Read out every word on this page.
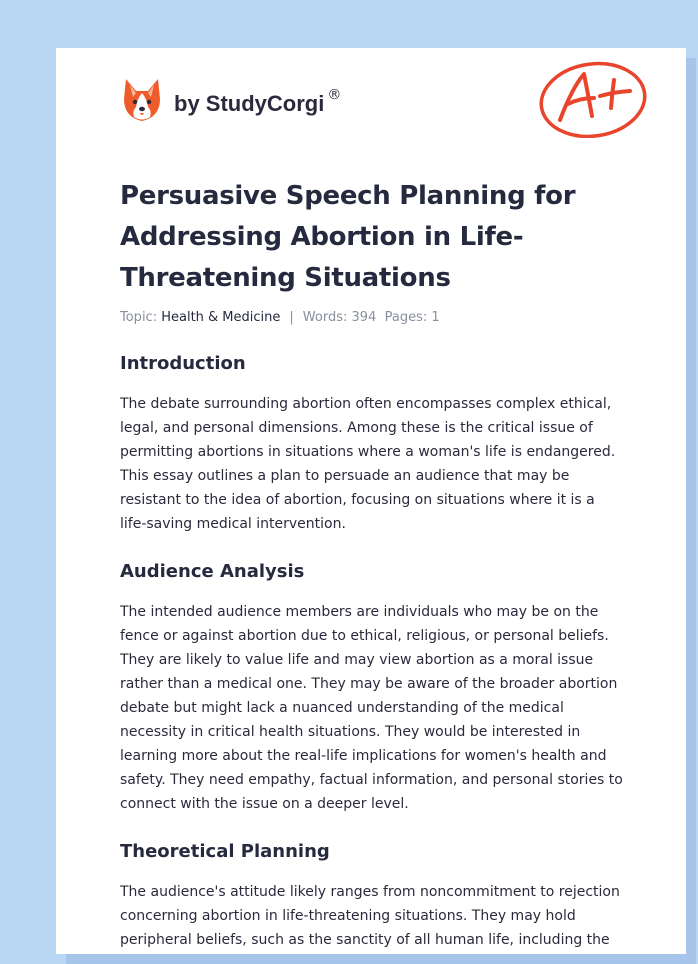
by StudyCorgi ®
Persuasive Speech Planning for Addressing Abortion in Life-Threatening Situations
Topic: Health & Medicine | Words: 394 Pages: 1
Introduction

The debate surrounding abortion often encompasses complex ethical, legal, and personal dimensions. Among these is the critical issue of permitting abortions in situations where a woman's life is endangered. This essay outlines a plan to persuade an audience that may be resistant to the idea of abortion, focusing on situations where it is a life-saving medical intervention.

Audience Analysis

The intended audience members are individuals who may be on the fence or against abortion due to ethical, religious, or personal beliefs. They are likely to value life and may view abortion as a moral issue rather than a medical one. They may be aware of the broader abortion debate but might lack a nuanced understanding of the medical necessity in critical health situations. They would be interested in learning more about the real-life implications for women's health and safety. They need empathy, factual information, and personal stories to connect with the issue on a deeper level.

Theoretical Planning

The audience's attitude likely ranges from noncommitment to rejection concerning abortion in life-threatening situations. They may hold peripheral beliefs, such as the sanctity of all human life, including the
